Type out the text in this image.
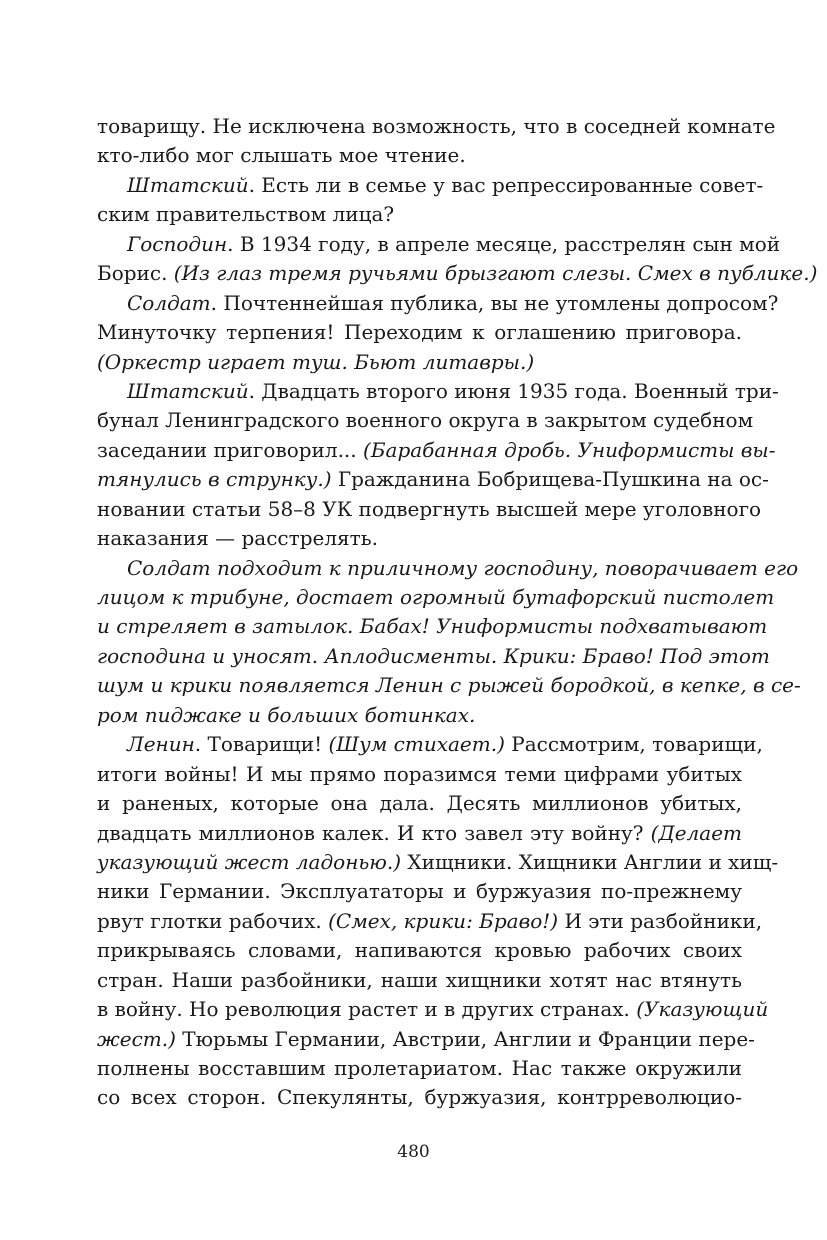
товарищу. Не исключена возможность, что в соседней комнате
кто-либо мог слышать мое чтение.
Штатский. Есть ли в семье у вас репрессированные совет-
ским правительством лица?
Господин. В 1934 году, в апреле месяце, расстрелян сын мой
Борис. (Из глаз тремя ручьями брызгают слезы. Смех в публике.)
Солдат. Почтеннейшая публика, вы не утомлены допросом?
Минуточку терпения! Переходим к оглашению приговора.
(Оркестр играет туш. Бьют литавры.)
Штатский. Двадцать второго июня 1935 года. Военный три-
бунал Ленинградского военного округа в закрытом судебном
заседании приговорил... (Барабанная дробь. Униформисты вы-
тянулись в струнку.) Гражданина Бобрищева-Пушкина на ос-
новании статьи 58–8 УК подвергнуть высшей мере уголовного
наказания — расстрелять.
Солдат подходит к приличному господину, поворачивает его
лицом к трибуне, достает огромный бутафорский пистолет
и стреляет в затылок. Бабах! Униформисты подхватывают
господина и уносят. Аплодисменты. Крики: Браво! Под этот
шум и крики появляется Ленин с рыжей бородкой, в кепке, в се-
ром пиджаке и больших ботинках.
Ленин. Товарищи! (Шум стихает.) Рассмотрим, товарищи,
итоги войны! И мы прямо поразимся теми цифрами убитых
и раненых, которые она дала. Десять миллионов убитых,
двадцать миллионов калек. И кто завел эту войну? (Делает
указующий жест ладонью.) Хищники. Хищники Англии и хищ-
ники Германии. Эксплуататоры и буржуазия по-прежнему
рвут глотки рабочих. (Смех, крики: Браво!) И эти разбойники,
прикрываясь словами, напиваются кровью рабочих своих
стран. Наши разбойники, наши хищники хотят нас втянуть
в войну. Но революция растет и в других странах. (Указующий
жест.) Тюрьмы Германии, Австрии, Англии и Франции пере-
полнены восставшим пролетариатом. Нас также окружили
со всех сторон. Спекулянты, буржуазия, контрреволюцио-
480
